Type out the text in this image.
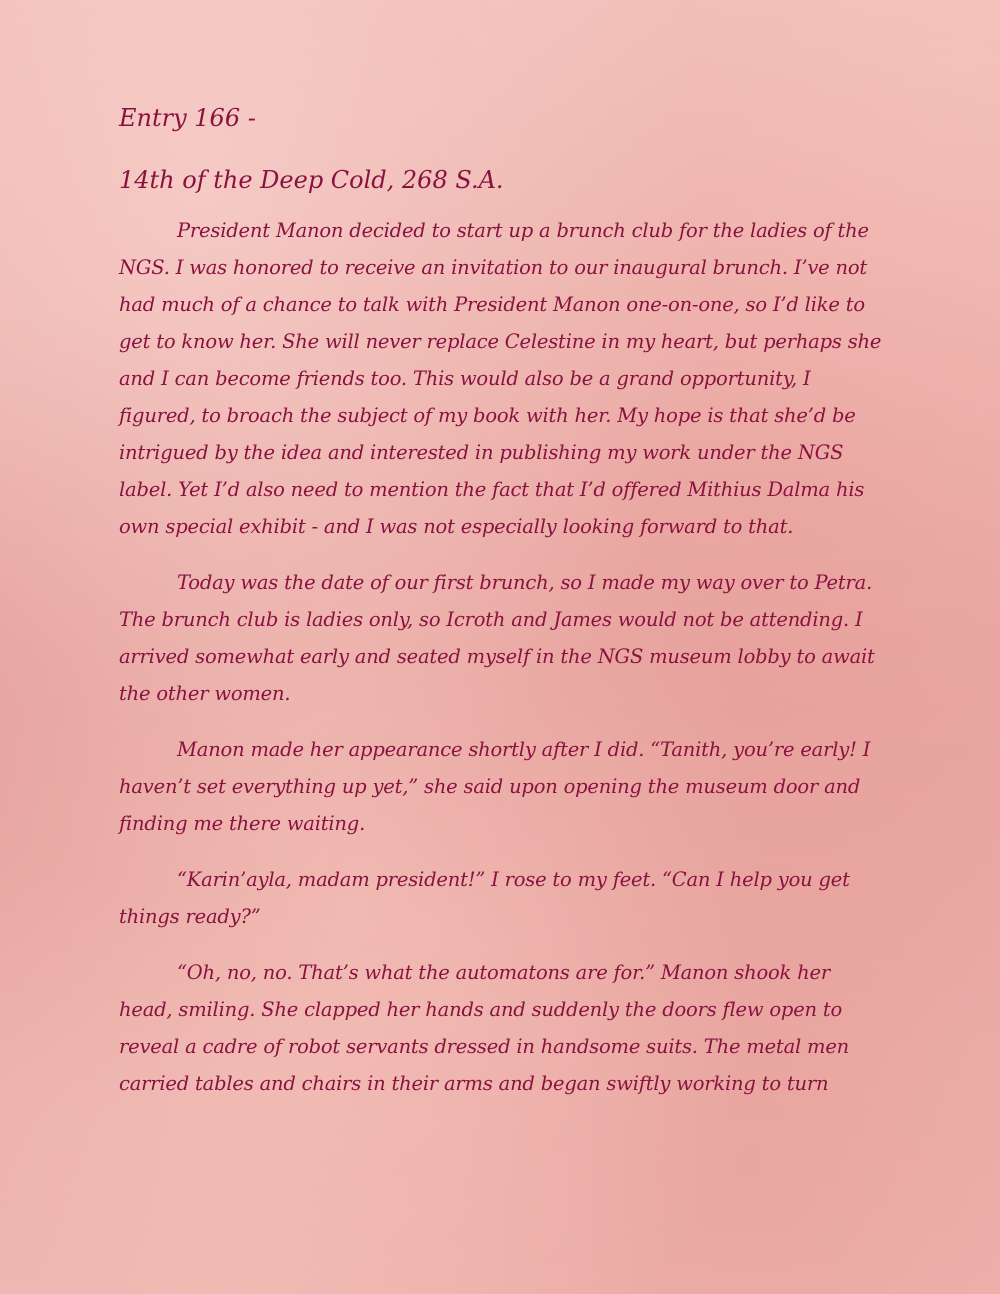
Entry 166 -
14th of the Deep Cold, 268 S.A.

President Manon decided to start up a brunch club for the ladies of the NGS. I was honored to receive an invitation to our inaugural brunch. I’ve not had much of a chance to talk with President Manon one-on-one, so I’d like to get to know her. She will never replace Celestine in my heart, but perhaps she and I can become friends too. This would also be a grand opportunity, I figured, to broach the subject of my book with her. My hope is that she’d be intrigued by the idea and interested in publishing my work under the NGS label. Yet I’d also need to mention the fact that I’d offered Mithius Dalma his own special exhibit - and I was not especially looking forward to that.

Today was the date of our first brunch, so I made my way over to Petra. The brunch club is ladies only, so Icroth and James would not be attending. I arrived somewhat early and seated myself in the NGS museum lobby to await the other women.

Manon made her appearance shortly after I did. “Tanith, you’re early! I haven’t set everything up yet,” she said upon opening the museum door and finding me there waiting.

“Karin’ayla, madam president!” I rose to my feet. “Can I help you get things ready?”

“Oh, no, no. That’s what the automatons are for.” Manon shook her head, smiling. She clapped her hands and suddenly the doors flew open to reveal a cadre of robot servants dressed in handsome suits. The metal men carried tables and chairs in their arms and began swiftly working to turn
